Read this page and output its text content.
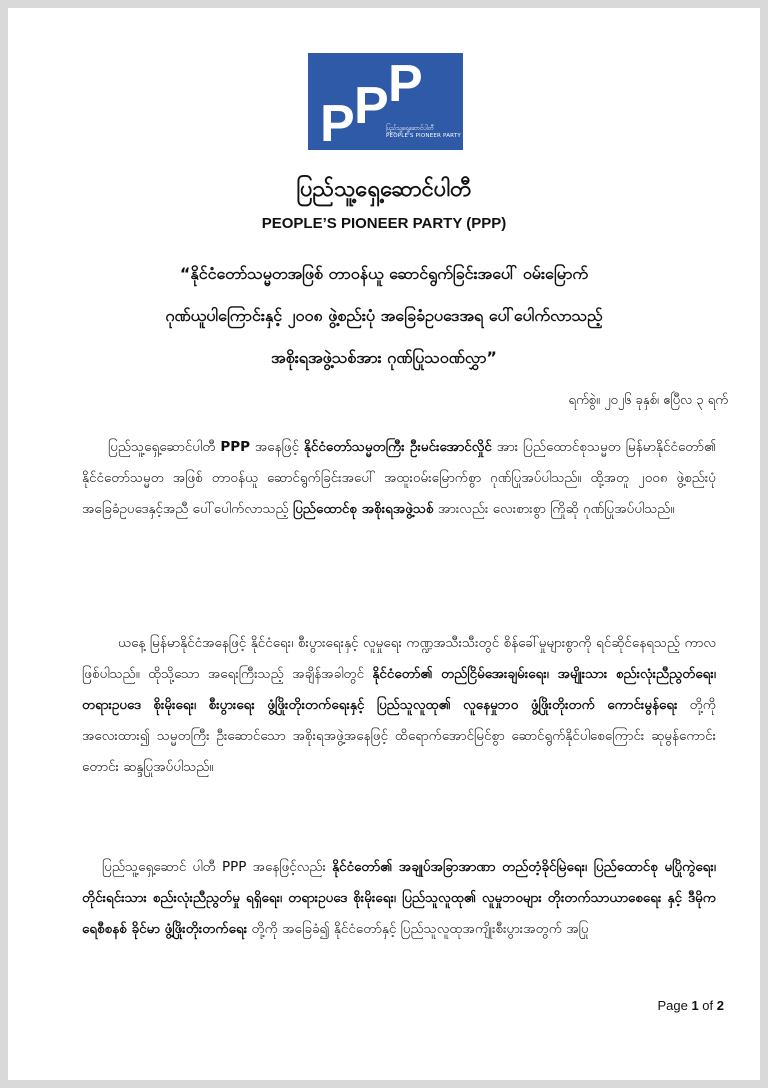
P P P
ပြည်သူ့ရှေ့ဆောင်ပါတီ
PEOPLE'S PIONEER PARTY
ပြည်သူ့ရှေ့ဆောင်ပါတီ
PEOPLE’S PIONEER PARTY (PPP)
“နိုင်ငံတော်သမ္မတအဖြစ် တာဝန်ယူ ဆောင်ရွက်ခြင်းအပေါ် ဝမ်းမြောက်
ဂုဏ်ယူပါကြောင်းနှင့် ၂၀၀၈ ဖွဲ့စည်းပုံ အခြေခံဥပဒေအရ ပေါ်ပေါက်လာသည့်
အစိုးရအဖွဲ့သစ်အား ဂုဏ်ပြုသဝဏ်လွှာ”
ရက်စွဲ။ ၂၀၂၆ ခုနှစ်၊ ဧပြီလ ၃ ရက်
ပြည်သူ့ရှေ့ဆောင်ပါတီ PPP အနေဖြင့် နိုင်ငံတော်သမ္မတကြီး ဦးမင်းအောင်လှိုင် အား ပြည်ထောင်စုသမ္မတ မြန်မာနိုင်ငံတော်၏ နိုင်ငံတော်သမ္မတ အဖြစ် တာဝန်ယူ ဆောင်ရွက်ခြင်းအပေါ် အထူးဝမ်းမြောက်စွာ ဂုဏ်ပြုအပ်ပါသည်။ ထို့အတူ ၂၀၀၈ ဖွဲ့စည်းပုံ အခြေခံဥပဒေနှင့်အညီ ပေါ်ပေါက်လာသည့် ပြည်ထောင်စု အစိုးရအဖွဲ့သစ် အားလည်း လေးစားစွာ ကြိုဆို ဂုဏ်ပြုအပ်ပါသည်။
ယနေ့ မြန်မာနိုင်ငံအနေဖြင့် နိုင်ငံရေး၊ စီးပွားရေးနှင့် လူမှုရေး ကဏ္ဍအသီးသီးတွင် စိန်ခေါ်မှုများစွာကို ရင်ဆိုင်နေရသည့် ကာလဖြစ်ပါသည်။ ထိုသို့သော အရေးကြီးသည့် အချိန်အခါတွင် နိုင်ငံတော်၏ တည်ငြိမ်အေးချမ်းရေး၊ အမျိုးသား စည်းလုံးညီညွတ်ရေး၊ တရားဥပဒေ စိုးမိုးရေး၊ စီးပွားရေး ဖွံ့ဖြိုးတိုးတက်ရေးနှင့် ပြည်သူလူထု၏ လူနေမှုဘဝ ဖွံ့ဖြိုးတိုးတက် ကောင်းမွန်ရေး တို့ကို အလေးထား၍ သမ္မတကြီး ဦးဆောင်သော အစိုးရအဖွဲ့အနေဖြင့် ထိရောက်အောင်မြင်စွာ ဆောင်ရွက်နိုင်ပါစေကြောင်း ဆုမွန်ကောင်းတောင်း ဆန္ဒပြုအပ်ပါသည်။
ပြည်သူ့ရှေ့ဆောင် ပါတီ PPP အနေဖြင့်လည်း နိုင်ငံတော်၏ အချုပ်အခြာအာဏာ တည်တံ့ခိုင်မြဲရေး၊ ပြည်ထောင်စု မပြိုကွဲရေး၊ တိုင်းရင်းသား စည်းလုံးညီညွတ်မှု ရရှိရေး၊ တရားဥပဒေ စိုးမိုးရေး၊ ပြည်သူလူထု၏ လူမှုဘဝများ တိုးတက်သာယာစေရေး နှင့် ဒီမိုကရေစီစနစ် ခိုင်မာ ဖွံ့ဖြိုးတိုးတက်ရေး တို့ကို အခြေခံ၍ နိုင်ငံတော်နှင့် ပြည်သူလူထုအကျိုးစီးပွားအတွက် အပြု
Page 1 of 2
